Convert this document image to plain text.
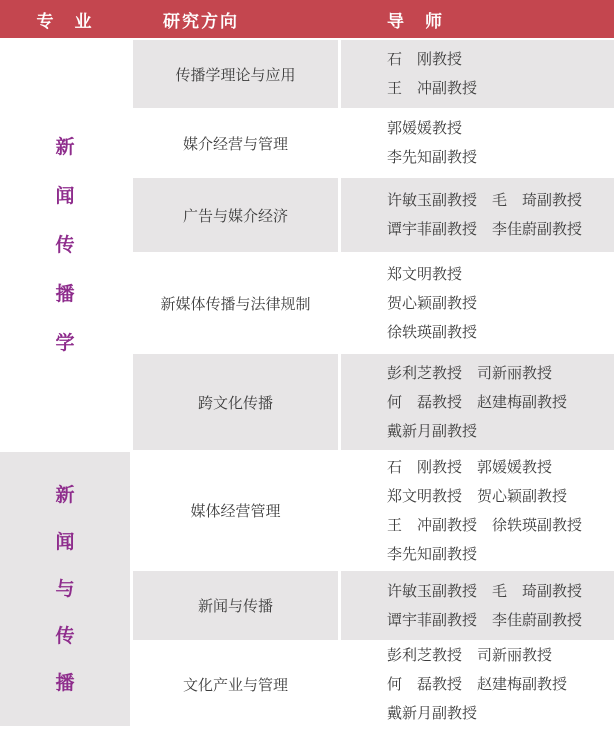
专　业	研究方向	导　师
新
闻
传
播
学
新
闻
与
传
播
传播学理论与应用
石　刚教授
王　冲副教授
媒介经营与管理
郭媛媛教授
李先知副教授
广告与媒介经济
许敏玉副教授　毛　琦副教授
谭宇菲副教授　李佳蔚副教授
新媒体传播与法律规制
郑文明教授
贺心颖副教授
徐轶瑛副教授
跨文化传播
彭利芝教授　司新丽教授
何　磊教授　赵建梅副教授
戴新月副教授
媒体经营管理
石　刚教授　郭媛媛教授
郑文明教授　贺心颖副教授
王　冲副教授　徐轶瑛副教授
李先知副教授
新闻与传播
许敏玉副教授　毛　琦副教授
谭宇菲副教授　李佳蔚副教授
文化产业与管理
彭利芝教授　司新丽教授
何　磊教授　赵建梅副教授
戴新月副教授
